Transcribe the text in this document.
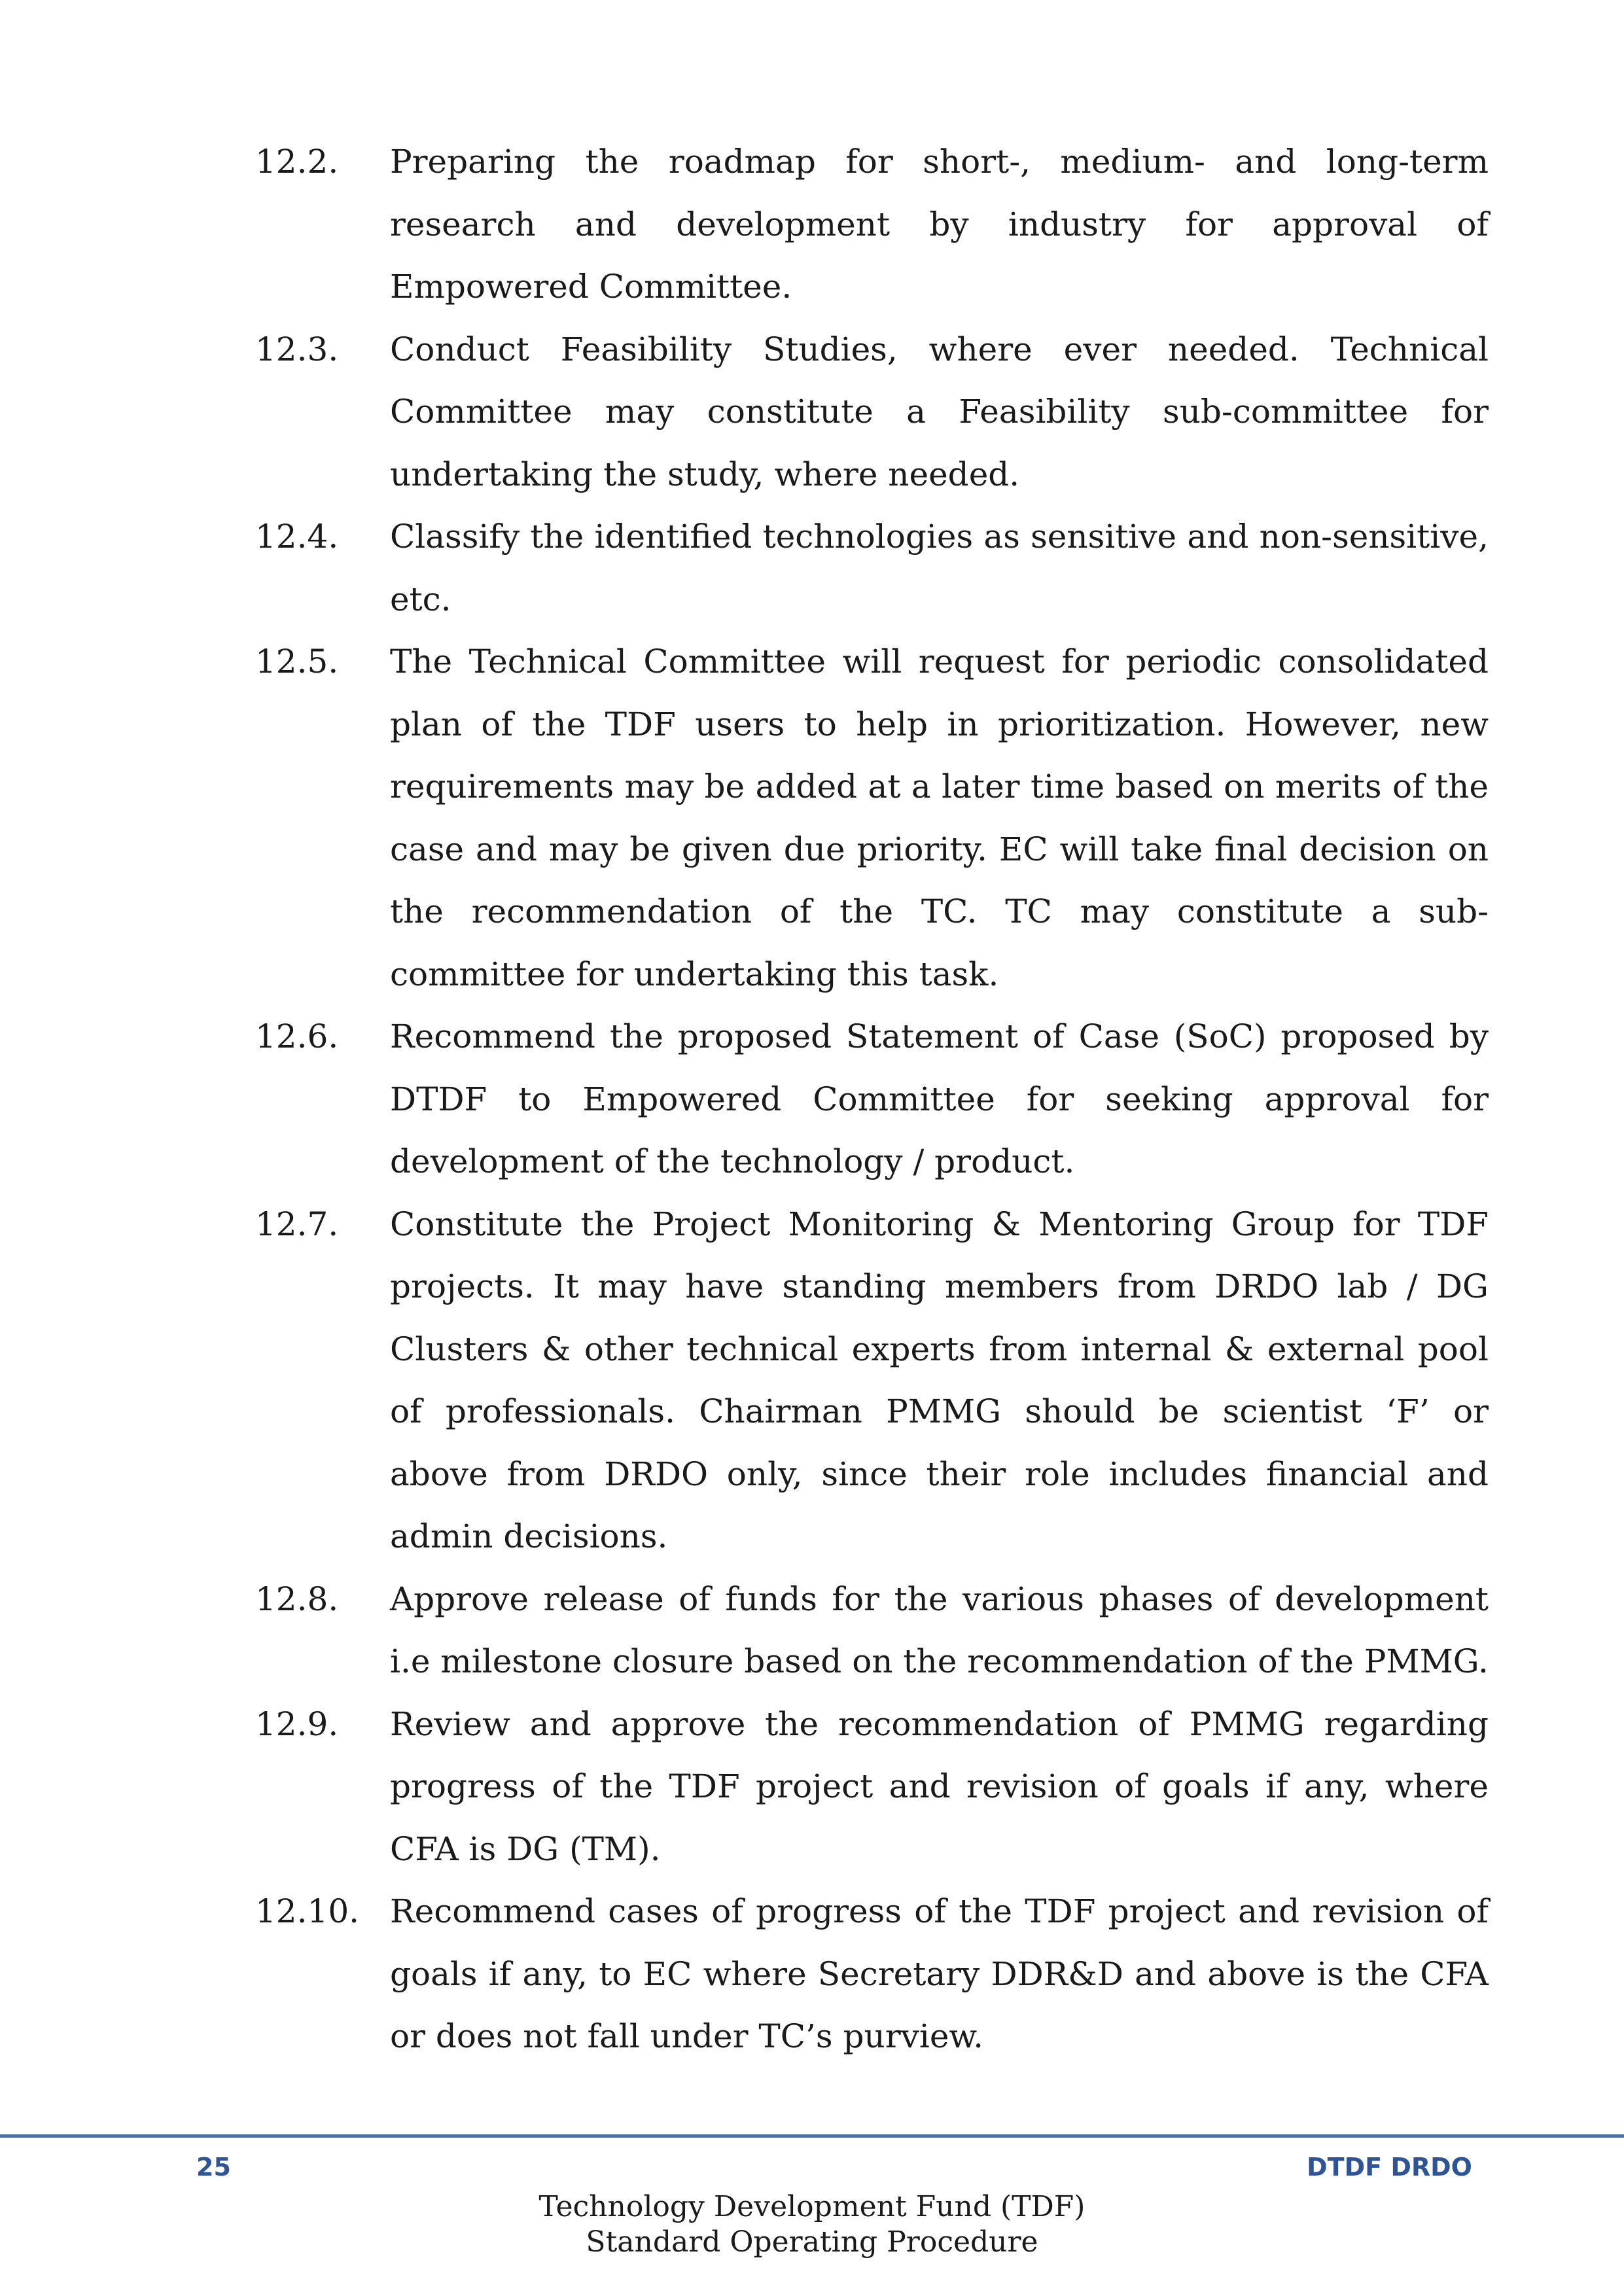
12.2.	Preparing the roadmap for short-, medium- and long-term research and development by industry for approval of Empowered Committee.
12.3.	Conduct Feasibility Studies, where ever needed. Technical Committee may constitute a Feasibility sub-committee for undertaking the study, where needed.
12.4.	Classify the identified technologies as sensitive and non-sensitive, etc.
12.5.	The Technical Committee will request for periodic consolidated plan of the TDF users to help in prioritization. However, new requirements may be added at a later time based on merits of the case and may be given due priority. EC will take final decision on the recommendation of the TC. TC may constitute a sub-committee for undertaking this task.
12.6.	Recommend the proposed Statement of Case (SoC) proposed by DTDF to Empowered Committee for seeking approval for development of the technology / product.
12.7.	Constitute the Project Monitoring & Mentoring Group for TDF projects. It may have standing members from DRDO lab / DG Clusters & other technical experts from internal & external pool of professionals. Chairman PMMG should be scientist ‘F’ or above from DRDO only, since their role includes financial and admin decisions.
12.8.	Approve release of funds for the various phases of development i.e milestone closure based on the recommendation of the PMMG.
12.9.	Review and approve the recommendation of PMMG regarding progress of the TDF project and revision of goals if any, where CFA is DG (TM).
12.10. Recommend cases of progress of the TDF project and revision of goals if any, to EC where Secretary DDR&D and above is the CFA or does not fall under TC’s purview.
25	DTDF DRDO
Technology Development Fund (TDF)
Standard Operating Procedure
